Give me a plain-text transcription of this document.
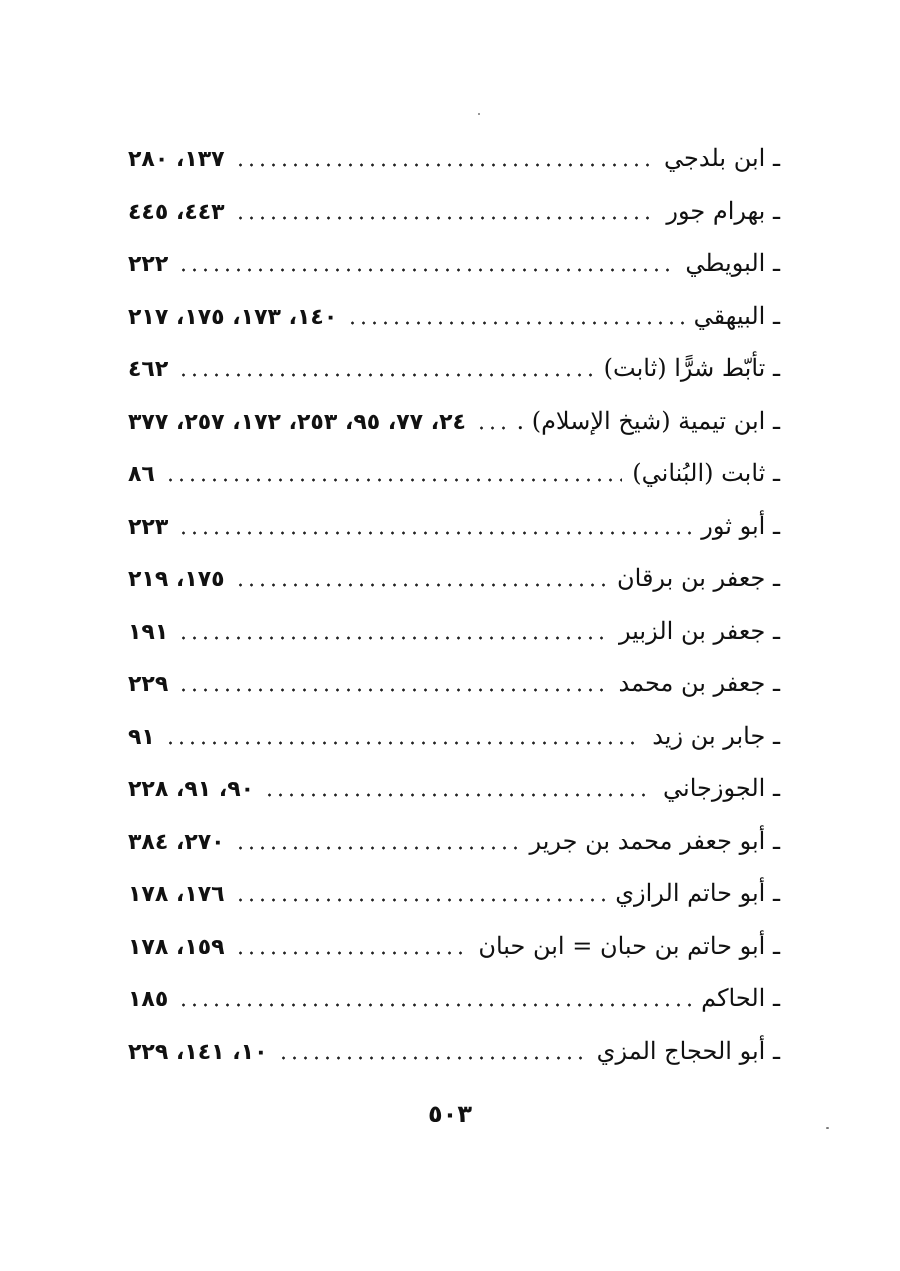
ـ ابن بلدجي
١٣٧، ٢٨٠
ـ بهرام جور
٤٤٣، ٤٤٥
ـ البويطي
٢٢٢
ـ البيهقي
١٤٠، ١٧٣، ١٧٥، ٢١٧
ـ تأبّط شرًّا (ثابت)
٤٦٢
ـ ابن تيمية (شيخ الإسلام) .
٢٤، ٧٧، ٩٥، ٢٥٣، ١٧٢، ٢٥٧، ٣٧٧
ـ ثابت (البُناني)
٨٦
ـ أبو ثور
٢٢٣
ـ جعفر بن برقان
١٧٥، ٢١٩
ـ جعفر بن الزبير
١٩١
ـ جعفر بن محمد
٢٢٩
ـ جابر بن زيد
٩١
ـ الجوزجاني
٩٠، ٩١، ٢٢٨
ـ أبو جعفر محمد بن جرير
٢٧٠، ٣٨٤
ـ أبو حاتم الرازي
١٧٦، ١٧٨
ـ أبو حاتم بن حبان = ابن حبان
١٥٩، ١٧٨
ـ الحاكم
١٨٥
ـ أبو الحجاج المزي
١٠، ١٤١، ٢٢٩
٥٠٣
